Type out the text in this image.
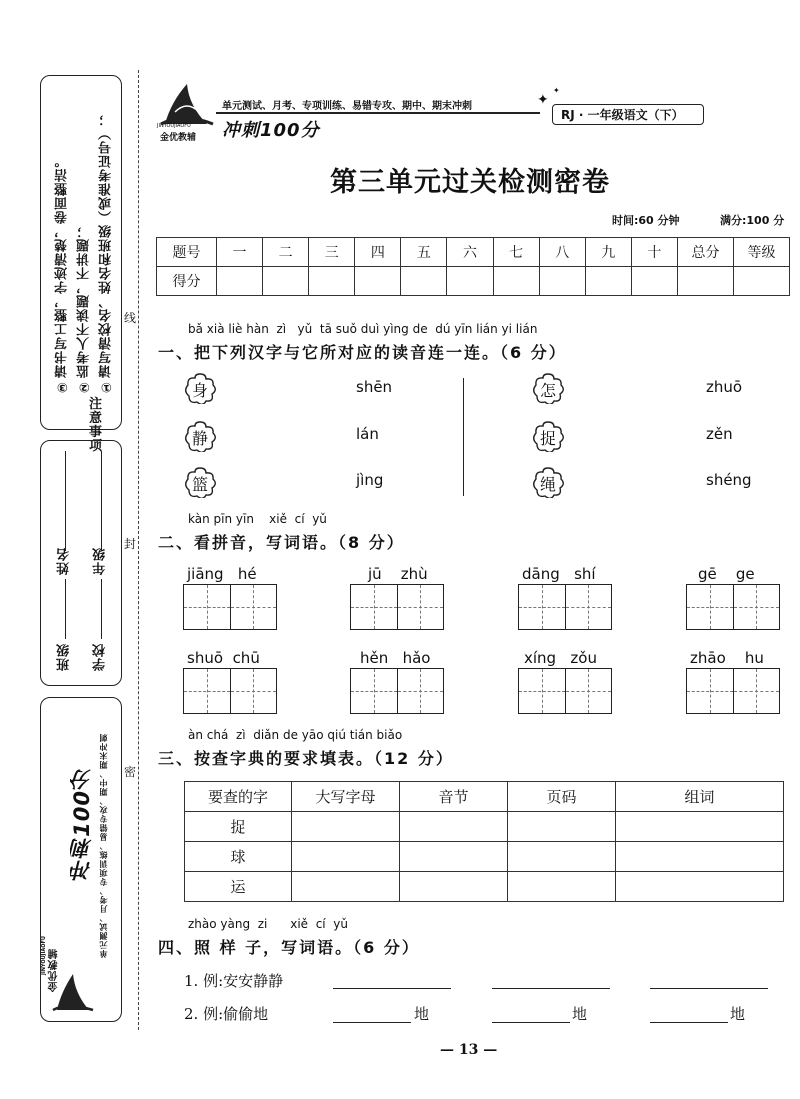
注
意
事
项
①请写清校名、姓名和班级（或准考证号）；
②监考人不读题，不讲题；
③请书写工整，字迹清楚，卷面整洁。
年级
学校
姓名
班级
单元测试、月考、专项训练、易错专攻、期中、期末冲刺
冲刺100分
金优教辅
JINYOUJIAOFU
线
封
密
JINYOUJIAOFU
金优教辅
单元测试、月考、专项训练、易错专攻、期中、期末冲刺
冲刺100分
✦
✦
RJ · 一年级语文（下）
第三单元过关检测密卷
时间:60 分钟	满分:100 分
题号	一	二	三	四	五	六	七	八	九	十	总分	等级
得分												
bǎ xià liè hàn  zì   yǔ  tā suǒ duì yìng de  dú yīn lián yi lián
一、把下列汉字与它所对应的读音连一连。（6 分）
身
静
篮
shēn
lán
jìng
怎
捉
绳
zhuō
zěn
shéng
kàn pīn yīn    xiě  cí  yǔ
二、看拼音，写词语。（8 分）
jiāng hé	jū zhù	dāng shí	gē ge
shuō chū	hěn hǎo	xíng zǒu	zhāo hu
àn chá  zì  diǎn de yāo qiú tián biǎo
三、按查字典的要求填表。（12 分）
要查的字	大写字母	音节	页码	组词
捉				
球				
运				
zhào yàng  zi      xiě  cí  yǔ
四、照 样 子，写词语。（6 分）
1. 例:安安静静
2. 例:偷偷地	地	地	地
— 13 —
